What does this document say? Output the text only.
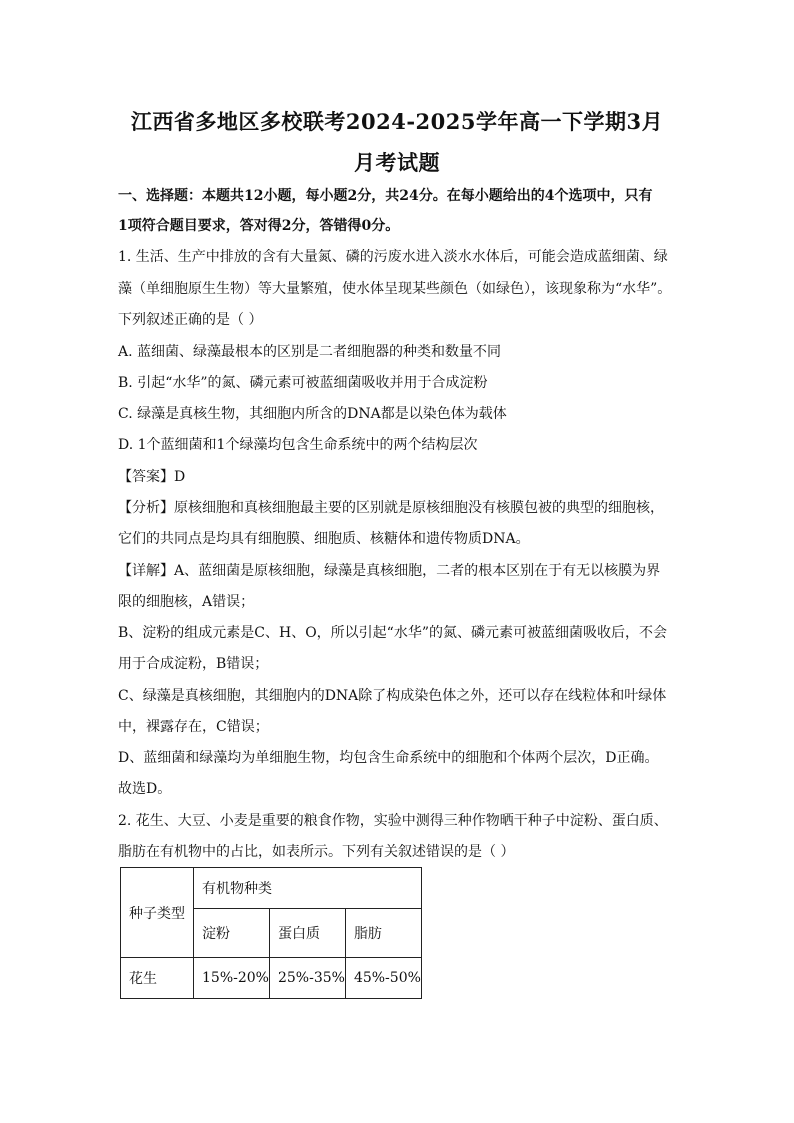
江西省多地区多校联考2024-2025学年高一下学期3月
月考试题
一、选择题：本题共12小题，每小题2分，共24分。在每小题给出的4个选项中，只有
1项符合题目要求，答对得2分，答错得0分。
1. 生活、生产中排放的含有大量氮、磷的污废水进入淡水水体后，可能会造成蓝细菌、绿
藻（单细胞原生生物）等大量繁殖，使水体呈现某些颜色（如绿色），该现象称为“水华”。
下列叙述正确的是（ ）
A. 蓝细菌、绿藻最根本的区别是二者细胞器的种类和数量不同
B. 引起“水华”的氮、磷元素可被蓝细菌吸收并用于合成淀粉
C. 绿藻是真核生物，其细胞内所含的DNA都是以染色体为载体
D. 1个蓝细菌和1个绿藻均包含生命系统中的两个结构层次
【答案】D
【分析】原核细胞和真核细胞最主要的区别就是原核细胞没有核膜包被的典型的细胞核，
它们的共同点是均具有细胞膜、细胞质、核糖体和遗传物质DNA。
【详解】A、蓝细菌是原核细胞，绿藻是真核细胞，二者的根本区别在于有无以核膜为界
限的细胞核，A错误；
B、淀粉的组成元素是C、H、O，所以引起“水华”的氮、磷元素可被蓝细菌吸收后，不会
用于合成淀粉，B错误；
C、绿藻是真核细胞，其细胞内的DNA除了构成染色体之外，还可以存在线粒体和叶绿体
中，裸露存在，C错误；
D、蓝细菌和绿藻均为单细胞生物，均包含生命系统中的细胞和个体两个层次，D正确。
故选D。
2. 花生、大豆、小麦是重要的粮食作物，实验中测得三种作物晒干种子中淀粉、蛋白质、
脂肪在有机物中的占比，如表所示。下列有关叙述错误的是（ ）
种子类型	有机物种类		
	淀粉	蛋白质	脂肪
花生	15%-20%	25%-35%	45%-50%
